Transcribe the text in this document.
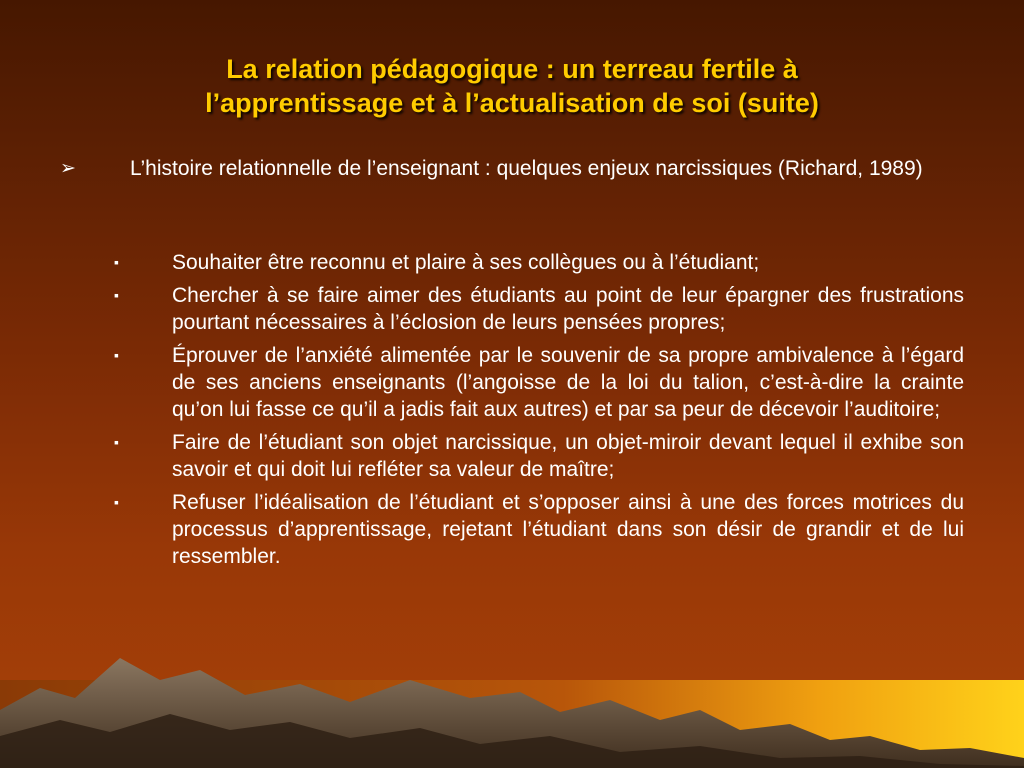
La relation pédagogique : un terreau fertile à
l’apprentissage et à l’actualisation de soi (suite)
➢	L’histoire relationnelle de l’enseignant : quelques enjeux narcissiques (Richard, 1989)
▪	Souhaiter être reconnu et plaire à ses collègues ou à l’étudiant;
▪	Chercher à se faire aimer des étudiants au point de leur épargner des frustrations pourtant nécessaires à l’éclosion de leurs pensées propres;
▪	Éprouver de l’anxiété alimentée par le souvenir de sa propre ambivalence à l’égard de ses anciens enseignants (l’angoisse de la loi du talion, c’est-à-dire la crainte qu’on lui fasse ce qu’il a jadis fait aux autres) et par sa peur de décevoir l’auditoire;
▪	Faire de l’étudiant son objet narcissique, un objet-miroir devant lequel il exhibe son savoir et qui doit lui refléter sa valeur de maître;
▪	Refuser l’idéalisation de l’étudiant et s’opposer ainsi à une des forces motrices du processus d’apprentissage, rejetant l’étudiant dans son désir de grandir et de lui ressembler.
